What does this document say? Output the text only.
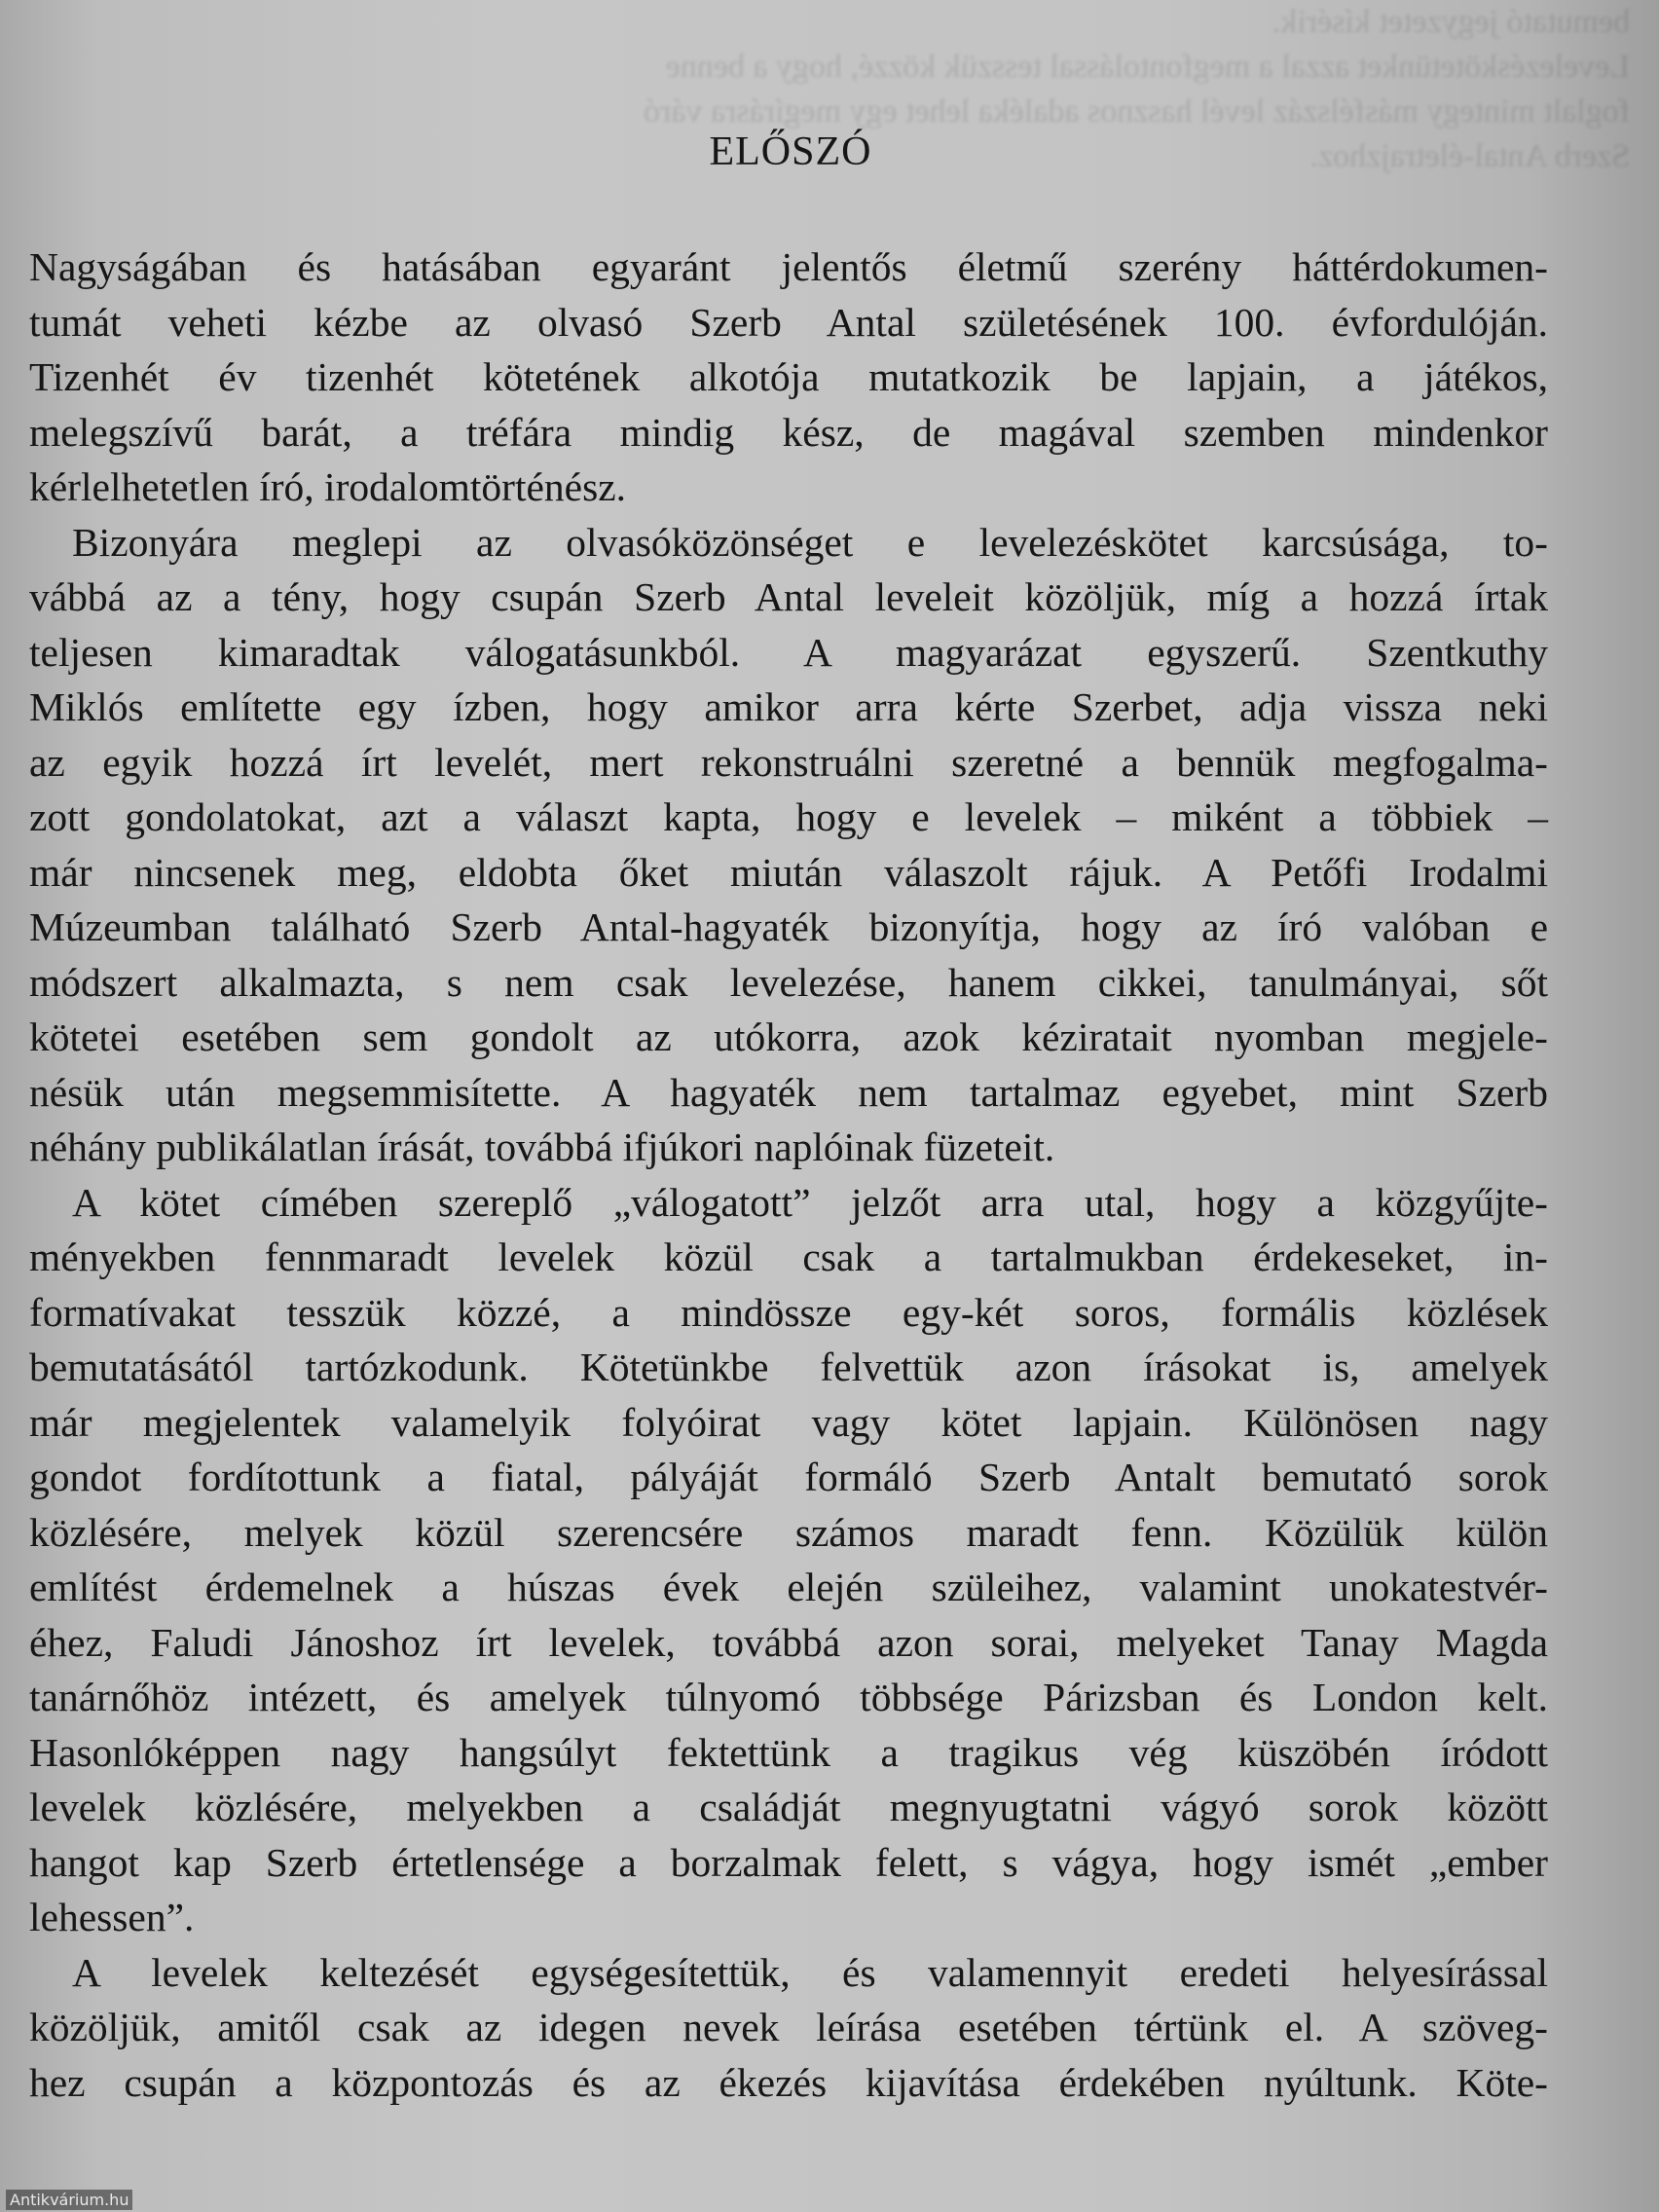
bemutató jegyzetet kísérik.
Levelezéskötetünket azzal a megfontolással tesszük közzé, hogy a benne
foglalt mintegy másfélszáz levél hasznos adaléka lehet egy megírásra váró
Szerb Antal-életrajzhoz.
ELŐSZÓ

Nagyságában és hatásában egyaránt jelentős életmű szerény háttérdokumen-
tumát veheti kézbe az olvasó Szerb Antal születésének 100. évfordulóján.
Tizenhét év tizenhét kötetének alkotója mutatkozik be lapjain, a játékos,
melegszívű barát, a tréfára mindig kész, de magával szemben mindenkor
kérlelhetetlen író, irodalomtörténész.

Bizonyára meglepi az olvasóközönséget e levelezéskötet karcsúsága, to-
vábbá az a tény, hogy csupán Szerb Antal leveleit közöljük, míg a hozzá írtak
teljesen kimaradtak válogatásunkból. A magyarázat egyszerű. Szentkuthy
Miklós említette egy ízben, hogy amikor arra kérte Szerbet, adja vissza neki
az egyik hozzá írt levelét, mert rekonstruálni szeretné a bennük megfogalma-
zott gondolatokat, azt a választ kapta, hogy e levelek – miként a többiek –
már nincsenek meg, eldobta őket miután válaszolt rájuk. A Petőfi Irodalmi
Múzeumban található Szerb Antal-hagyaték bizonyítja, hogy az író valóban e
módszert alkalmazta, s nem csak levelezése, hanem cikkei, tanulmányai, sőt
kötetei esetében sem gondolt az utókorra, azok kéziratait nyomban megjele-
nésük után megsemmisítette. A hagyaték nem tartalmaz egyebet, mint Szerb
néhány publikálatlan írását, továbbá ifjúkori naplóinak füzeteit.

A kötet címében szereplő „válogatott” jelzőt arra utal, hogy a közgyűjte-
ményekben fennmaradt levelek közül csak a tartalmukban érdekeseket, in-
formatívakat tesszük közzé, a mindössze egy-két soros, formális közlések
bemutatásától tartózkodunk. Kötetünkbe felvettük azon írásokat is, amelyek
már megjelentek valamelyik folyóirat vagy kötet lapjain. Különösen nagy
gondot fordítottunk a fiatal, pályáját formáló Szerb Antalt bemutató sorok
közlésére, melyek közül szerencsére számos maradt fenn. Közülük külön
említést érdemelnek a húszas évek elején szüleihez, valamint unokatestvér-
éhez, Faludi Jánoshoz írt levelek, továbbá azon sorai, melyeket Tanay Magda
tanárnőhöz intézett, és amelyek túlnyomó többsége Párizsban és London kelt.
Hasonlóképpen nagy hangsúlyt fektettünk a tragikus vég küszöbén íródott
levelek közlésére, melyekben a családját megnyugtatni vágyó sorok között
hangot kap Szerb értetlensége a borzalmak felett, s vágya, hogy ismét „ember
lehessen”.

A levelek keltezését egységesítettük, és valamennyit eredeti helyesírással
közöljük, amitől csak az idegen nevek leírása esetében tértünk el. A szöveg-
hez csupán a központozás és az ékezés kijavítása érdekében nyúltunk. Köte-

Antikvárium.hu
